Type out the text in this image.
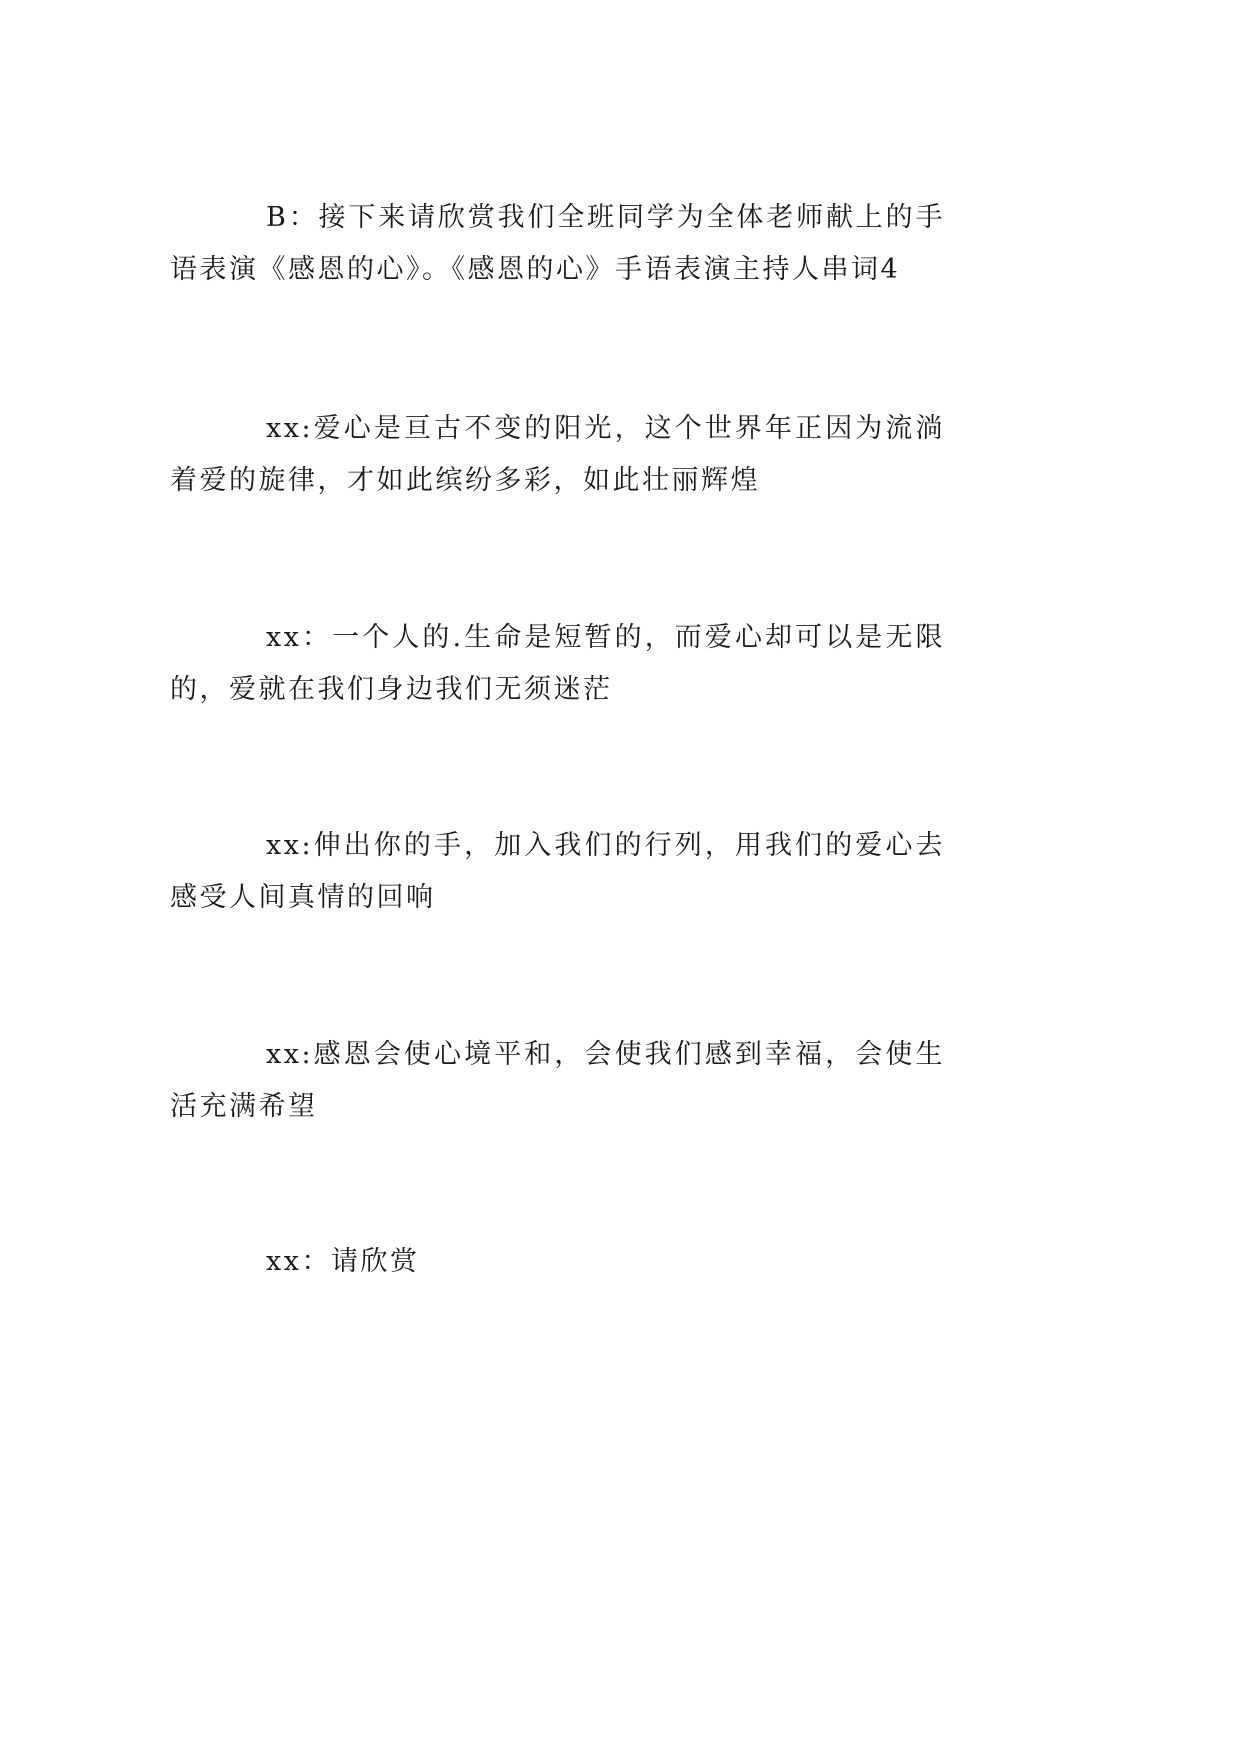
B：接下来请欣赏我们全班同学为全体老师献上的手语表演《感恩的心》。《感恩的心》手语表演主持人串词4

xx:爱心是亘古不变的阳光，这个世界年正因为流淌着爱的旋律，才如此缤纷多彩，如此壮丽辉煌

xx：一个人的.生命是短暂的，而爱心却可以是无限的，爱就在我们身边我们无须迷茫

xx:伸出你的手，加入我们的行列，用我们的爱心去感受人间真情的回响

xx:感恩会使心境平和，会使我们感到幸福，会使生活充满希望

xx：请欣赏
